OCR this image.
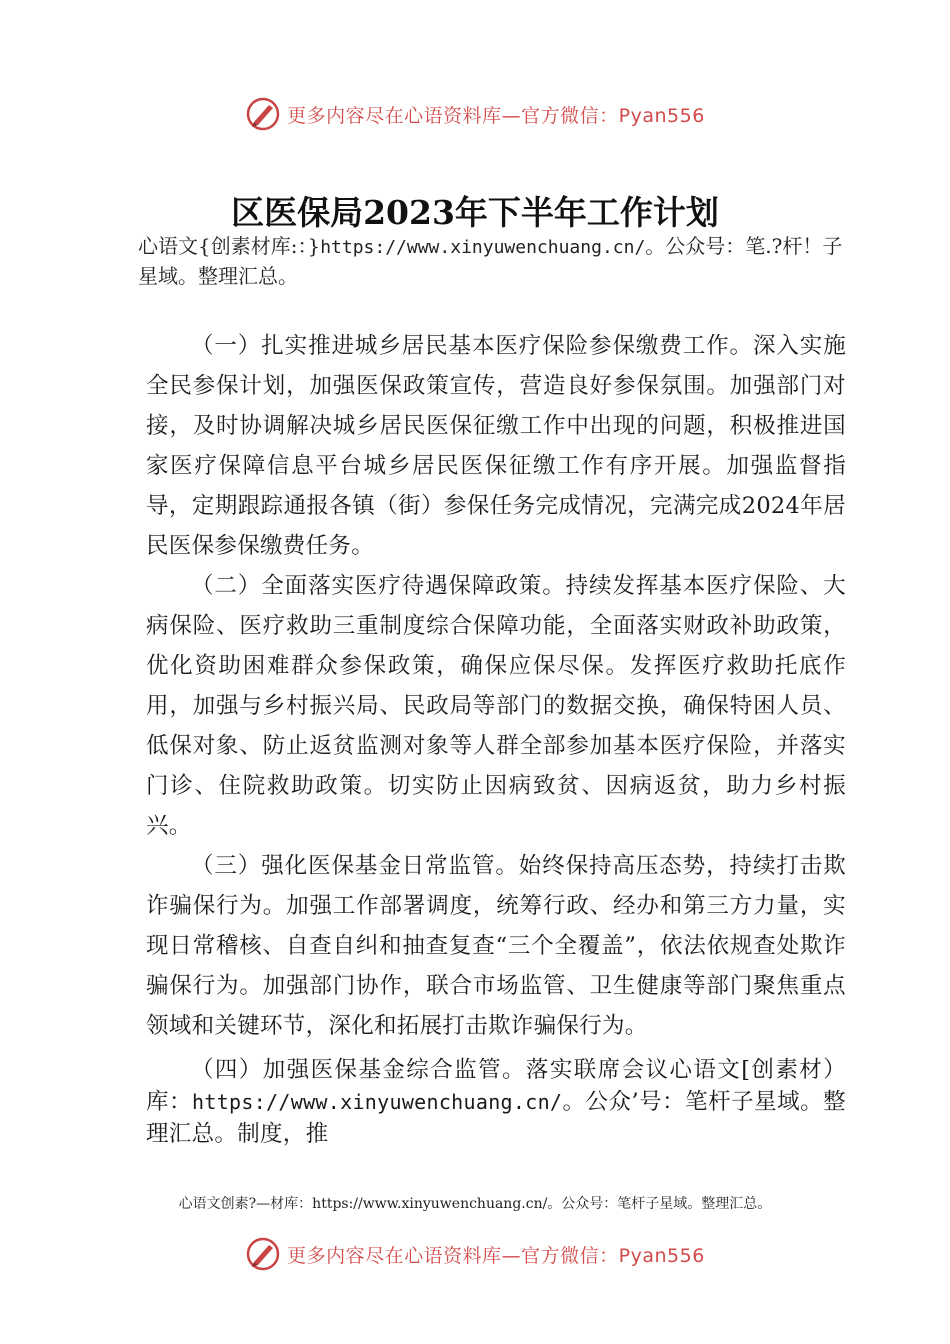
更多内容尽在心语资料库—官方微信：Pyan556
区医保局2023年下半年工作计划

心语文{创素材库:：}https://www.xinyuwenchuang.cn/。公众号：笔.?杆！子星域。整理汇总。

（一）扎实推进城乡居民基本医疗保险参保缴费工作。深入实施全民参保计划，加强医保政策宣传，营造良好参保氛围。加强部门对接，及时协调解决城乡居民医保征缴工作中出现的问题，积极推进国家医疗保障信息平台城乡居民医保征缴工作有序开展。加强监督指导，定期跟踪通报各镇（街）参保任务完成情况，完满完成2024年居民医保参保缴费任务。

（二）全面落实医疗待遇保障政策。持续发挥基本医疗保险、大病保险、医疗救助三重制度综合保障功能，全面落实财政补助政策，优化资助困难群众参保政策，确保应保尽保。发挥医疗救助托底作用，加强与乡村振兴局、民政局等部门的数据交换，确保特困人员、低保对象、防止返贫监测对象等人群全部参加基本医疗保险，并落实门诊、住院救助政策。切实防止因病致贫、因病返贫，助力乡村振兴。

（三）强化医保基金日常监管。始终保持高压态势，持续打击欺诈骗保行为。加强工作部署调度，统筹行政、经办和第三方力量，实现日常稽核、自查自纠和抽查复查“三个全覆盖”，依法依规查处欺诈骗保行为。加强部门协作，联合市场监管、卫生健康等部门聚焦重点领域和关键环节，深化和拓展打击欺诈骗保行为。

（四）加强医保基金综合监管。落实联席会议心语文[创素材）库：https://www.xinyuwenchuang.cn/。公众’号：笔杆子星域。整理汇总。制度，推

心语文创素?—材库：https://www.xinyuwenchuang.cn/。公众号：笔杆子星域。整理汇总。
更多内容尽在心语资料库—官方微信：Pyan556
